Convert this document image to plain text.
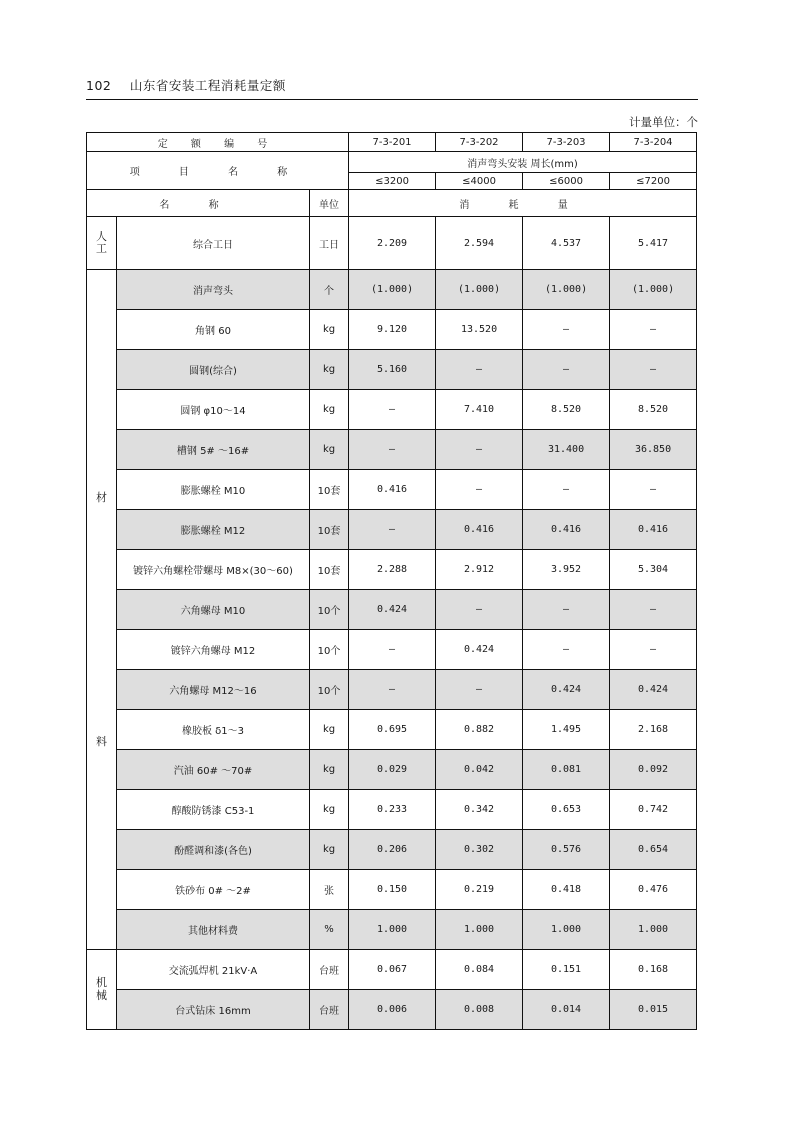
102 山东省安装工程消耗量定额
计量单位：个
定 额 编 号			7-3-201	7-3-202	7-3-203	7-3-204
项 目 名 称			消声弯头安装 周长(mm)			
			≤3200	≤4000	≤6000	≤7200
名 称		单位	消 耗 量			

人
工	综合工日	工日	2.209	2.594	4.537	5.417

材
料	消声弯头	个	(1.000)	(1.000)	(1.000)	(1.000)
	角钢 60	kg	9.120	13.520	—	—
	圆钢(综合)	kg	5.160	—	—	—
	圆钢 φ10～14	kg	—	7.410	8.520	8.520
	槽钢 5# ～16#	kg	—	—	31.400	36.850
	膨胀螺栓 M10	10套	0.416	—	—	—
	膨胀螺栓 M12	10套	—	0.416	0.416	0.416
	镀锌六角螺栓带螺母 M8×(30～60)	10套	2.288	2.912	3.952	5.304
	六角螺母 M10	10个	0.424	—	—	—
	镀锌六角螺母 M12	10个	—	0.424	—	—
	六角螺母 M12～16	10个	—	—	0.424	0.424
	橡胶板 δ1～3	kg	0.695	0.882	1.495	2.168
	汽油 60# ～70#	kg	0.029	0.042	0.081	0.092
	醇酸防锈漆 C53-1	kg	0.233	0.342	0.653	0.742
	酚醛调和漆(各色)	kg	0.206	0.302	0.576	0.654
	铁砂布 0# ～2#	张	0.150	0.219	0.418	0.476
	其他材料费	%	1.000	1.000	1.000	1.000

机
械	交流弧焊机 21kV·A	台班	0.067	0.084	0.151	0.168
	台式钻床 16mm	台班	0.006	0.008	0.014	0.015
